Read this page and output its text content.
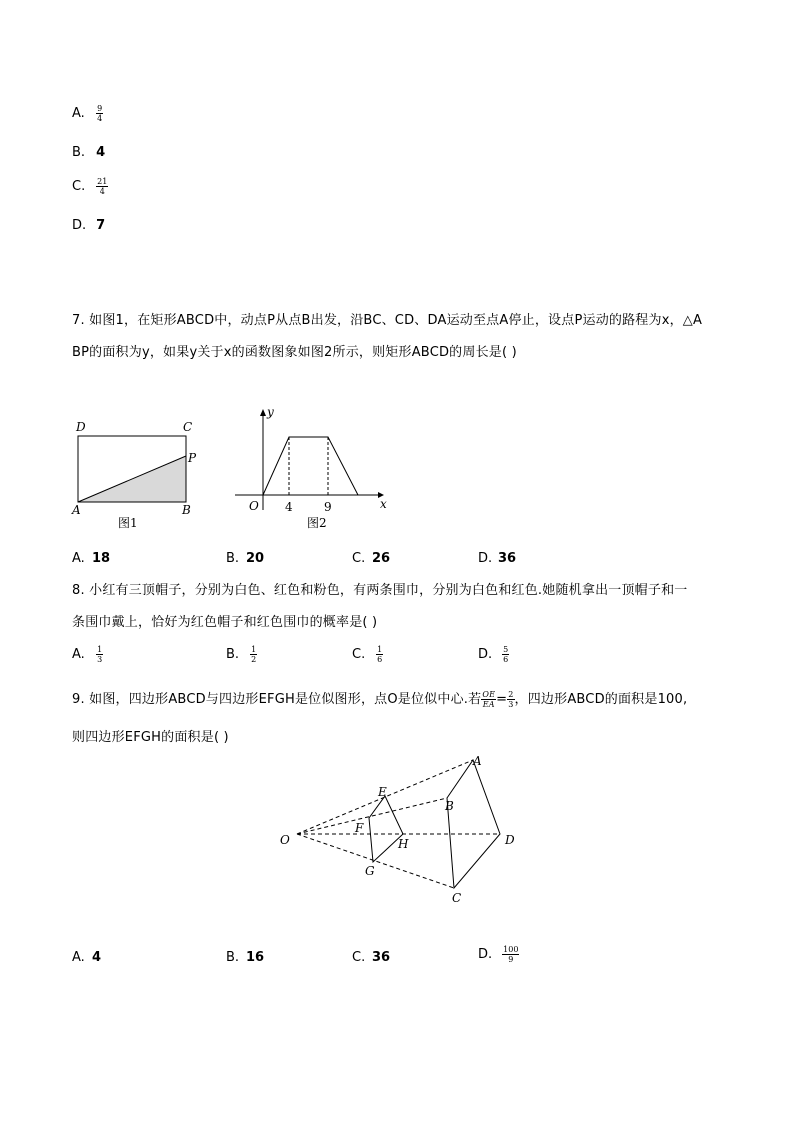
A. $\frac{9}{4}$
B. 4
C. $\frac{21}{4}$
D. 7
7. 如图1，在矩形ABCD中，动点P从点B出发，沿BC、CD、DA运动至点A停止，设点P运动的路程为x，△A
BP的面积为y，如果y关于x的函数图象如图2所示，则矩形ABCD的周长是( )
D	C
P
A	B
图1
y
x
O 4	9
图2
A. 18	B. 20	C. 26	D. 36
8. 小红有三顶帽子，分别为白色、红色和粉色，有两条围巾，分别为白色和红色.她随机拿出一顶帽子和一
条围巾戴上，恰好为红色帽子和红色围巾的概率是( )
A. $\frac{1}{3}$	B. $\frac{1}{2}$	C. $\frac{1}{6}$	D. $\frac{5}{6}$
9. 如图，四边形ABCD与四边形EFGH是位似图形，点O是位似中心.若 $\frac{OE}{EA} = \frac{2}{3}$ ，四边形ABCD的面积是100,
则四边形EFGH的面积是( )
O
A
B
D
C
E
F
G
H
A. 4	B. 16	C. 36	D. $\frac{100}{9}$
